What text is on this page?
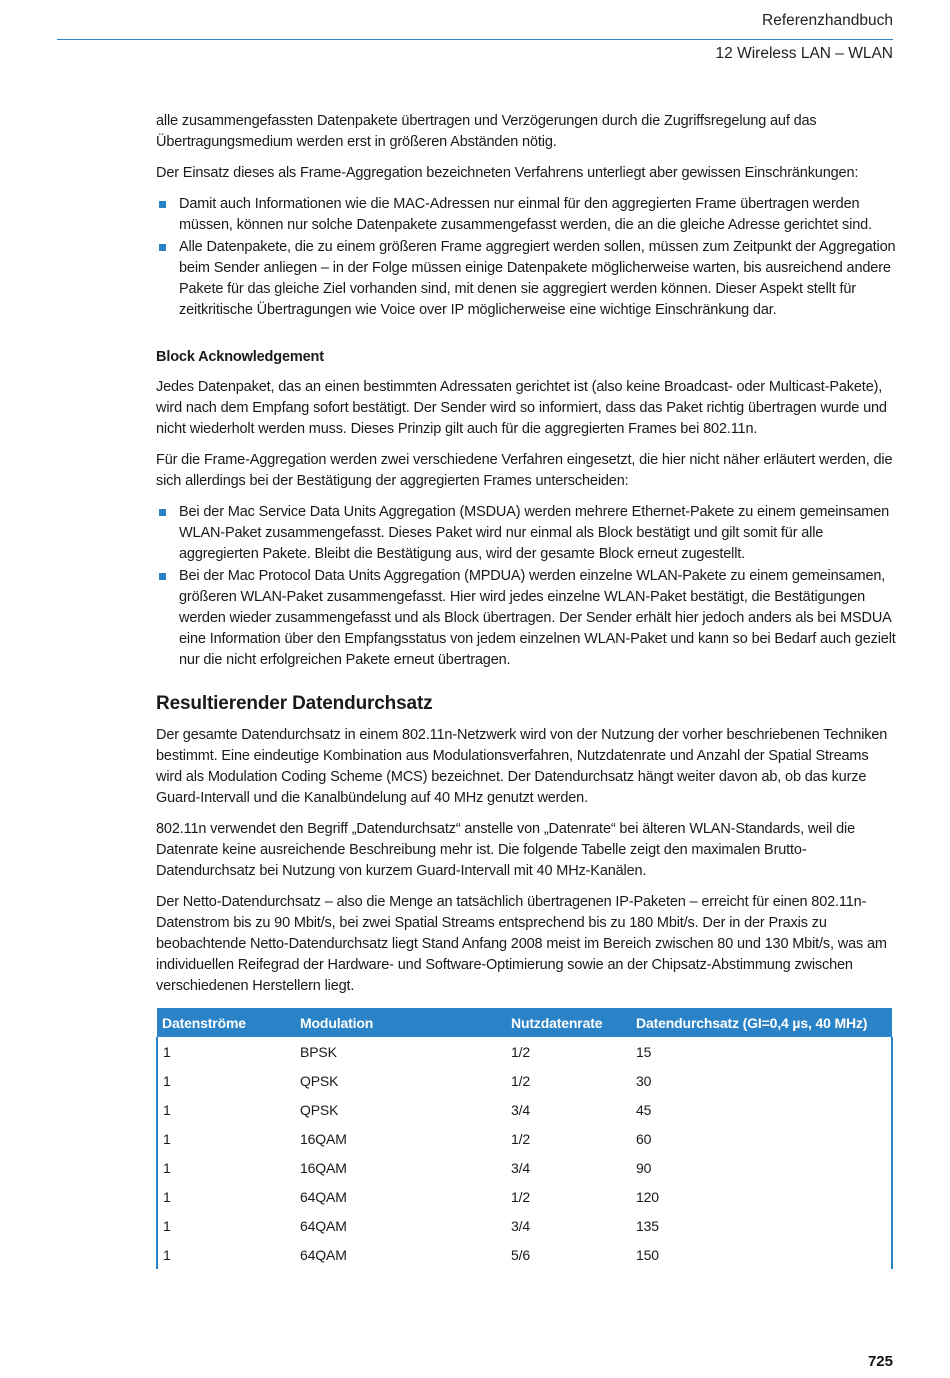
Referenzhandbuch
12 Wireless LAN – WLAN

alle zusammengefassten Datenpakete übertragen und Verzögerungen durch die Zugriffsregelung auf das Übertragungsmedium werden erst in größeren Abständen nötig.

Der Einsatz dieses als Frame-Aggregation bezeichneten Verfahrens unterliegt aber gewissen Einschränkungen:

Damit auch Informationen wie die MAC-Adressen nur einmal für den aggregierten Frame übertragen werden müssen, können nur solche Datenpakete zusammengefasst werden, die an die gleiche Adresse gerichtet sind.
Alle Datenpakete, die zu einem größeren Frame aggregiert werden sollen, müssen zum Zeitpunkt der Aggregation beim Sender anliegen – in der Folge müssen einige Datenpakete möglicherweise warten, bis ausreichend andere Pakete für das gleiche Ziel vorhanden sind, mit denen sie aggregiert werden können. Dieser Aspekt stellt für zeitkritische Übertragungen wie Voice over IP möglicherweise eine wichtige Einschränkung dar.
Block Acknowledgement

Jedes Datenpaket, das an einen bestimmten Adressaten gerichtet ist (also keine Broadcast- oder Multicast-Pakete), wird nach dem Empfang sofort bestätigt. Der Sender wird so informiert, dass das Paket richtig übertragen wurde und nicht wiederholt werden muss. Dieses Prinzip gilt auch für die aggregierten Frames bei 802.11n.

Für die Frame-Aggregation werden zwei verschiedene Verfahren eingesetzt, die hier nicht näher erläutert werden, die sich allerdings bei der Bestätigung der aggregierten Frames unterscheiden:

Bei der Mac Service Data Units Aggregation (MSDUA) werden mehrere Ethernet-Pakete zu einem gemeinsamen WLAN-Paket zusammengefasst. Dieses Paket wird nur einmal als Block bestätigt und gilt somit für alle aggregierten Pakete. Bleibt die Bestätigung aus, wird der gesamte Block erneut zugestellt.
Bei der Mac Protocol Data Units Aggregation (MPDUA) werden einzelne WLAN-Pakete zu einem gemeinsamen, größeren WLAN-Paket zusammengefasst. Hier wird jedes einzelne WLAN-Paket bestätigt, die Bestätigungen werden wieder zusammengefasst und als Block übertragen. Der Sender erhält hier jedoch anders als bei MSDUA eine Information über den Empfangsstatus von jedem einzelnen WLAN-Paket und kann so bei Bedarf auch gezielt nur die nicht erfolgreichen Pakete erneut übertragen.
Resultierender Datendurchsatz

Der gesamte Datendurchsatz in einem 802.11n-Netzwerk wird von der Nutzung der vorher beschriebenen Techniken bestimmt. Eine eindeutige Kombination aus Modulationsverfahren, Nutzdatenrate und Anzahl der Spatial Streams wird als Modulation Coding Scheme (MCS) bezeichnet. Der Datendurchsatz hängt weiter davon ab, ob das kurze Guard-Intervall und die Kanalbündelung auf 40 MHz genutzt werden.

802.11n verwendet den Begriff „Datendurchsatz“ anstelle von „Datenrate“ bei älteren WLAN-Standards, weil die Datenrate keine ausreichende Beschreibung mehr ist. Die folgende Tabelle zeigt den maximalen Brutto-Datendurchsatz bei Nutzung von kurzem Guard-Intervall mit 40 MHz-Kanälen.

Der Netto-Datendurchsatz – also die Menge an tatsächlich übertragenen IP-Paketen – erreicht für einen 802.11n-Datenstrom bis zu 90 Mbit/s, bei zwei Spatial Streams entsprechend bis zu 180 Mbit/s. Der in der Praxis zu beobachtende Netto-Datendurchsatz liegt Stand Anfang 2008 meist im Bereich zwischen 80 und 130 Mbit/s, was am individuellen Reifegrad der Hardware- und Software-Optimierung sowie an der Chipsatz-Abstimmung zwischen verschiedenen Herstellern liegt.

Datenströme	Modulation	Nutzdatenrate	Datendurchsatz (GI=0,4 µs, 40 MHz)
1	BPSK	1/2	15
1	QPSK	1/2	30
1	QPSK	3/4	45
1	16QAM	1/2	60
1	16QAM	3/4	90
1	64QAM	1/2	120
1	64QAM	3/4	135
1	64QAM	5/6	150
725
